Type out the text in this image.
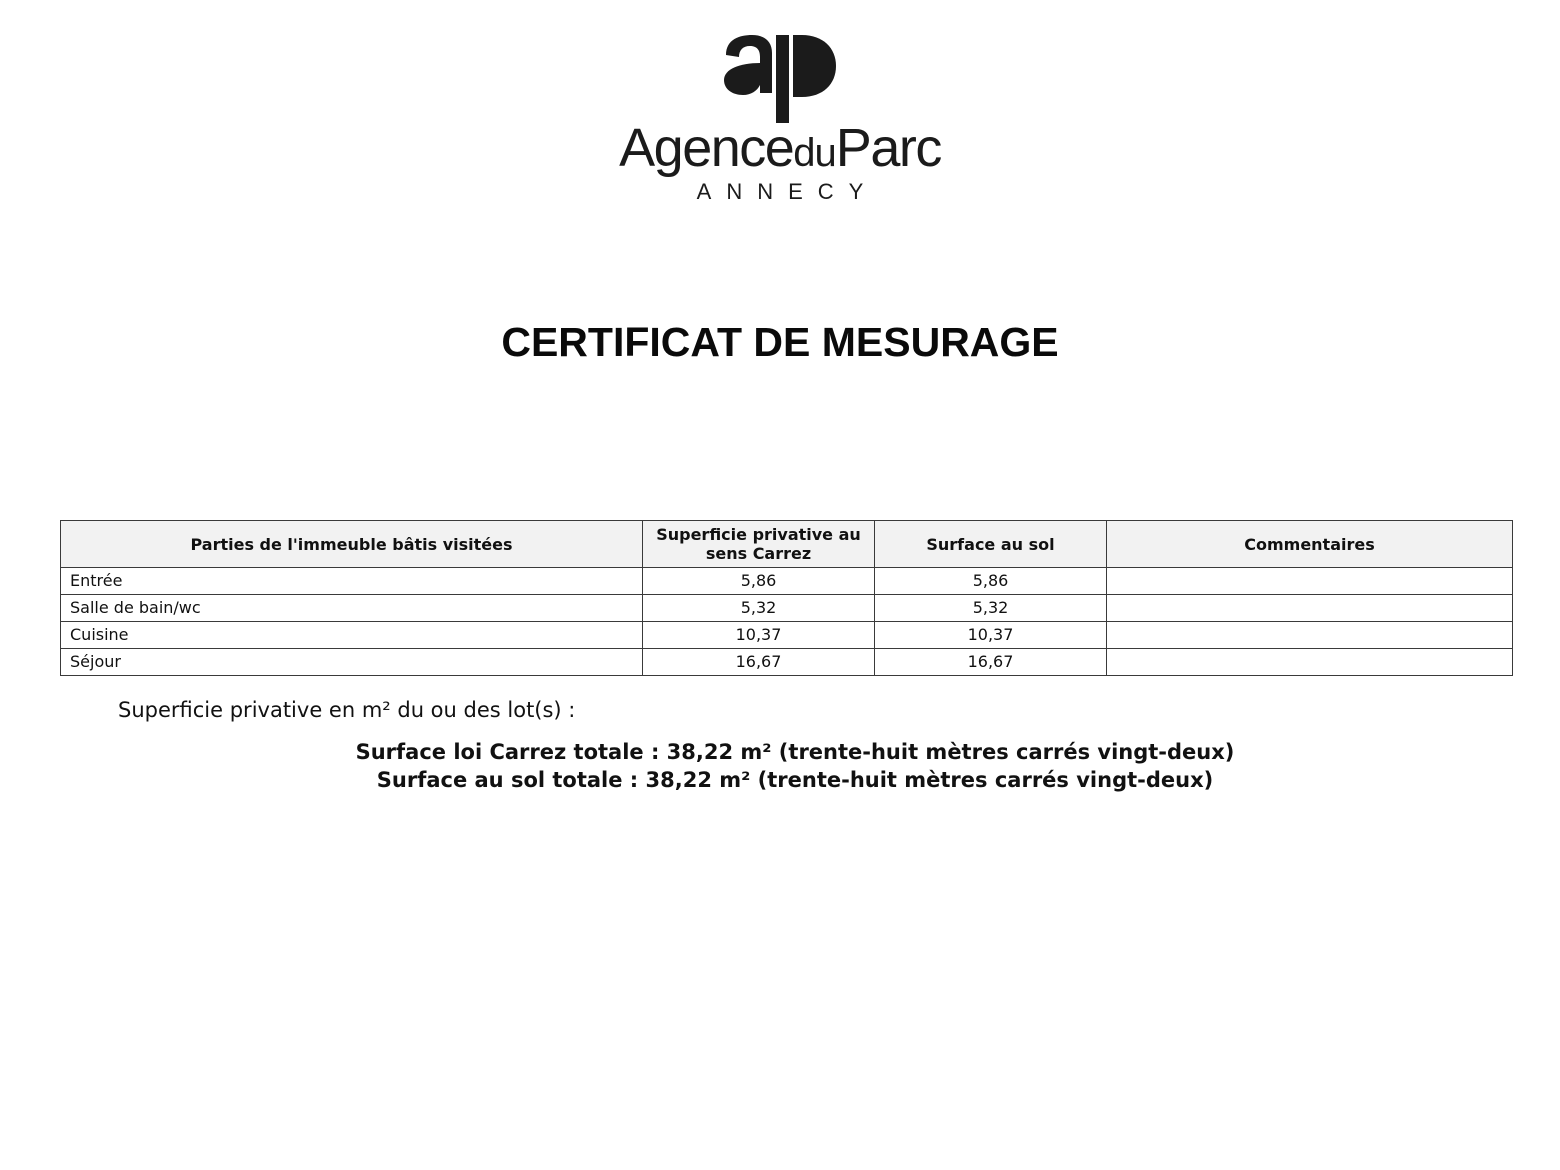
AgenceduParc
ANNECY
CERTIFICAT DE MESURAGE
Parties de l'immeuble bâtis visitées	Superficie privative au sens Carrez	Surface au sol	Commentaires
Entrée	5,86	5,86	
Salle de bain/wc	5,32	5,32	
Cuisine	10,37	10,37	
Séjour	16,67	16,67	
Superficie privative en m² du ou des lot(s) :
Surface loi Carrez totale : 38,22 m² (trente-huit mètres carrés vingt-deux)
Surface au sol totale : 38,22 m² (trente-huit mètres carrés vingt-deux)
